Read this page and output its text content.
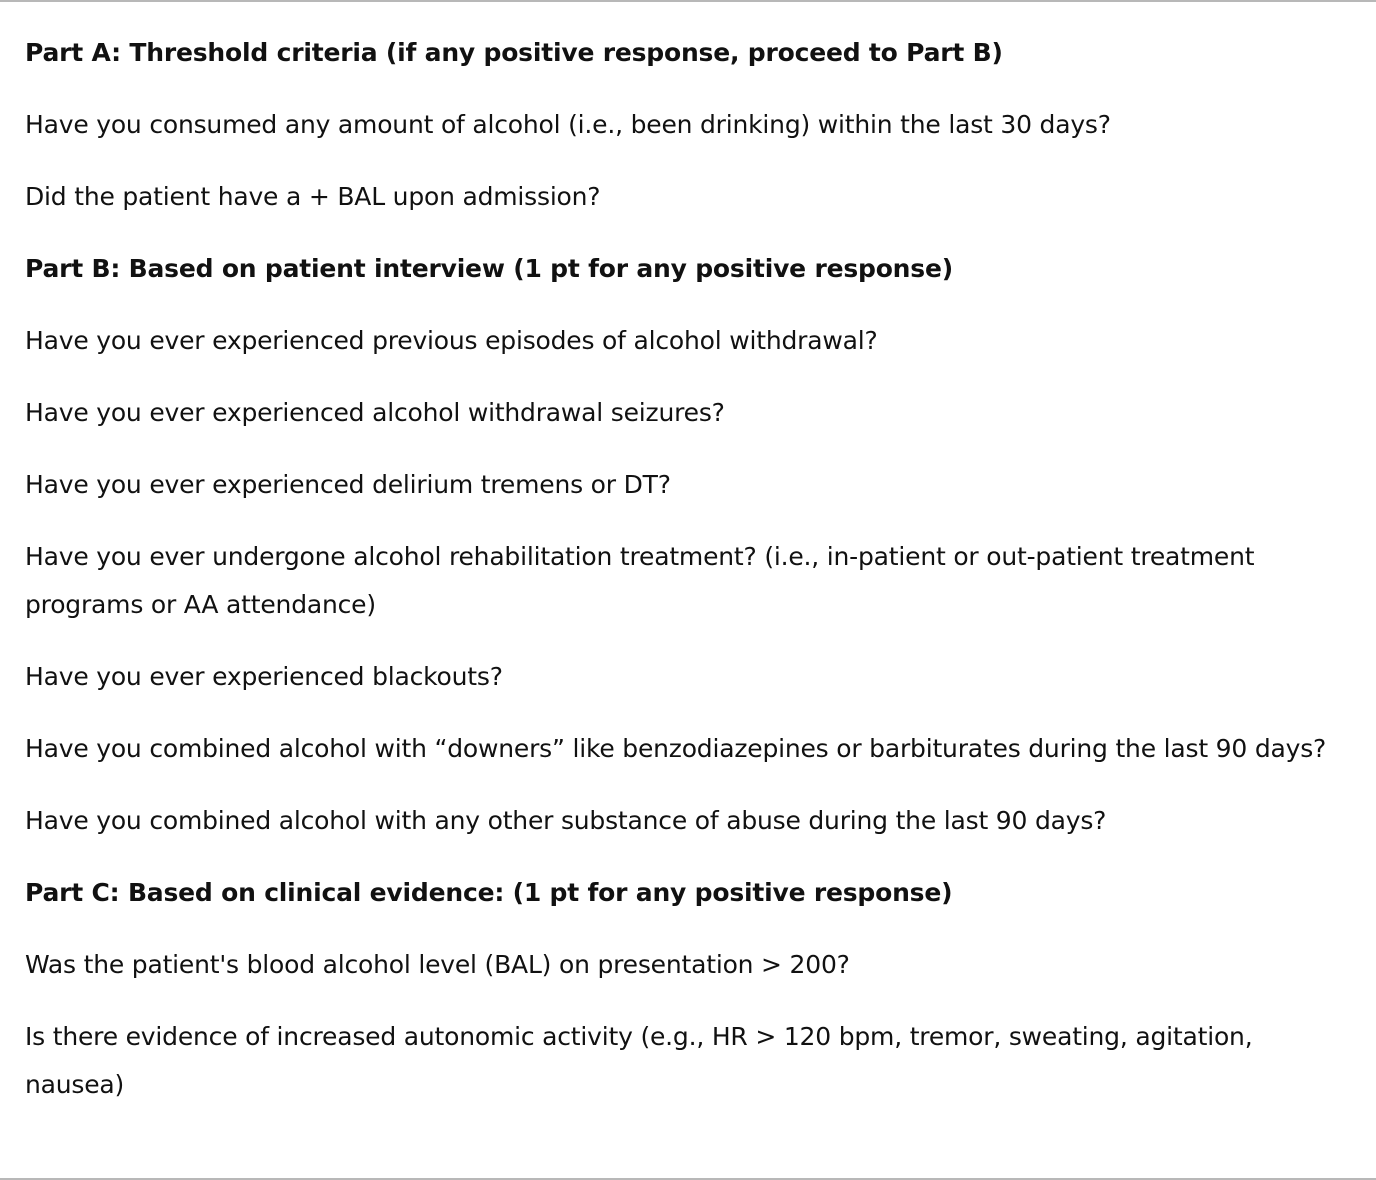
Part A: Threshold criteria (if any positive response, proceed to Part B)
Have you consumed any amount of alcohol (i.e., been drinking) within the last 30 days?
Did the patient have a + BAL upon admission?
Part B: Based on patient interview (1 pt for any positive response)
Have you ever experienced previous episodes of alcohol withdrawal?
Have you ever experienced alcohol withdrawal seizures?
Have you ever experienced delirium tremens or DT?
Have you ever undergone alcohol rehabilitation treatment? (i.e., in-patient or out-patient treatment programs or AA attendance)
Have you ever experienced blackouts?
Have you combined alcohol with “downers” like benzodiazepines or barbiturates during the last 90 days?
Have you combined alcohol with any other substance of abuse during the last 90 days?
Part C: Based on clinical evidence: (1 pt for any positive response)
Was the patient's blood alcohol level (BAL) on presentation > 200?
Is there evidence of increased autonomic activity (e.g., HR > 120 bpm, tremor, sweating, agitation, nausea)
